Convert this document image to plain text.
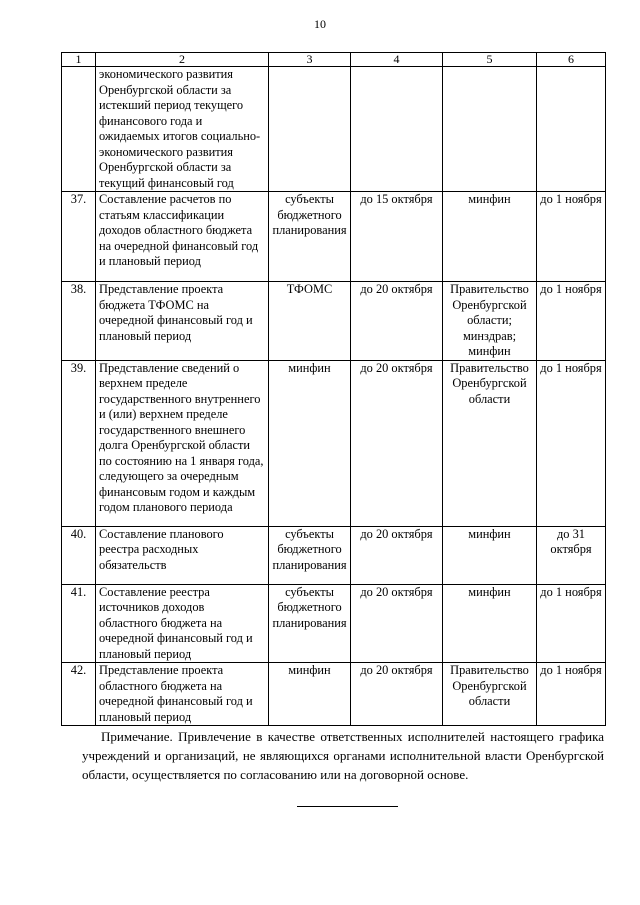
10
1	2	3	4	5	6
	экономического развития Оренбургской области за истекший период текущего финансового года и ожидаемых итогов социально-экономического развития Оренбургской области за текущий финансовый год				
37.	Составление расчетов по статьям классификации доходов областного бюджета на очередной финансовый год и плановый период	субъекты бюджетного планирования	до 15 октября	минфин	до 1 ноября
38.	Представление проекта бюджета ТФОМС на очередной финансовый год и плановый период	ТФОМС	до 20 октября	Правительство Оренбургской области; минздрав; минфин	до 1 ноября
39.	Представление сведений о верхнем пределе государственного внутреннего и (или) верхнем пределе государственного внешнего долга Оренбургской области по состоянию на 1 января года, следующего за очередным финансовым годом и каждым годом планового периода	минфин	до 20 октября	Правительство Оренбургской области	до 1 ноября
40.	Составление планового реестра расходных обязательств	субъекты бюджетного планирования	до 20 октября	минфин	до 31 октября
41.	Составление реестра источников доходов областного бюджета на очередной финансовый год и плановый период	субъекты бюджетного планирования	до 20 октября	минфин	до 1 ноября
42.	Представление проекта областного бюджета на очередной финансовый год и плановый период	минфин	до 20 октября	Правительство Оренбургской области	до 1 ноября

Примечание. Привлечение в качестве ответственных исполнителей настоящего графика учреждений и организаций, не являющихся органами исполнительной власти Оренбургской области, осуществляется по согласованию или на договорной основе.
